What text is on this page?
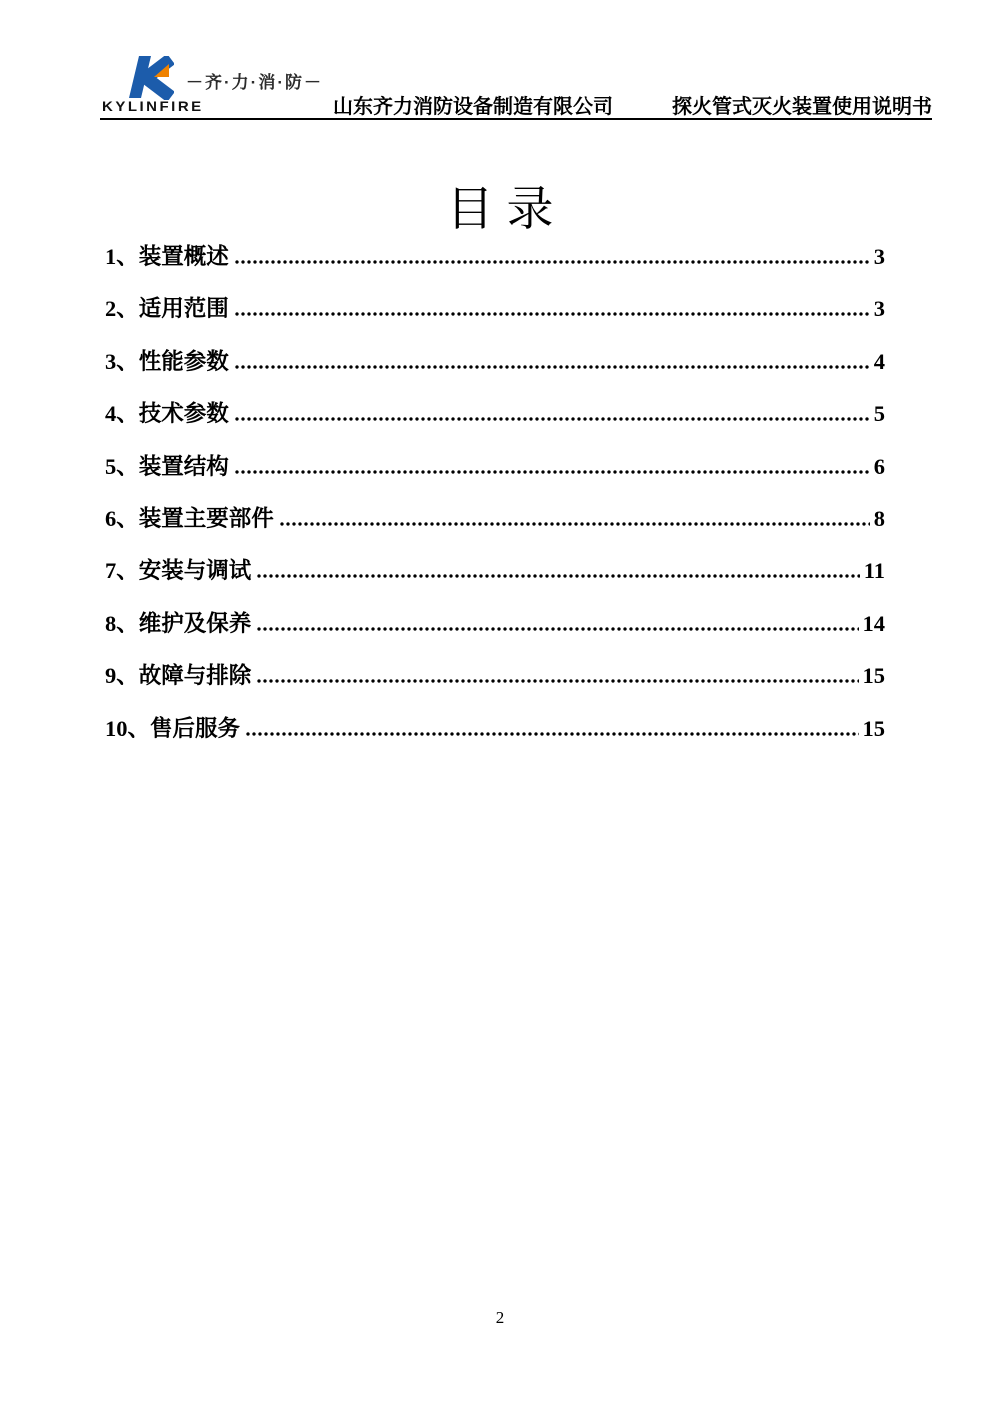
KYLINFIRE
－齐·力·消·防－
山东齐力消防设备制造有限公司	探火管式灭火装置使用说明书
目录
1、装置概述	3
2、适用范围	3
3、性能参数	4
4、技术参数	5
5、装置结构	6
6、装置主要部件	8
7、安装与调试	11
8、维护及保养	14
9、故障与排除	15
10、售后服务	15
2
